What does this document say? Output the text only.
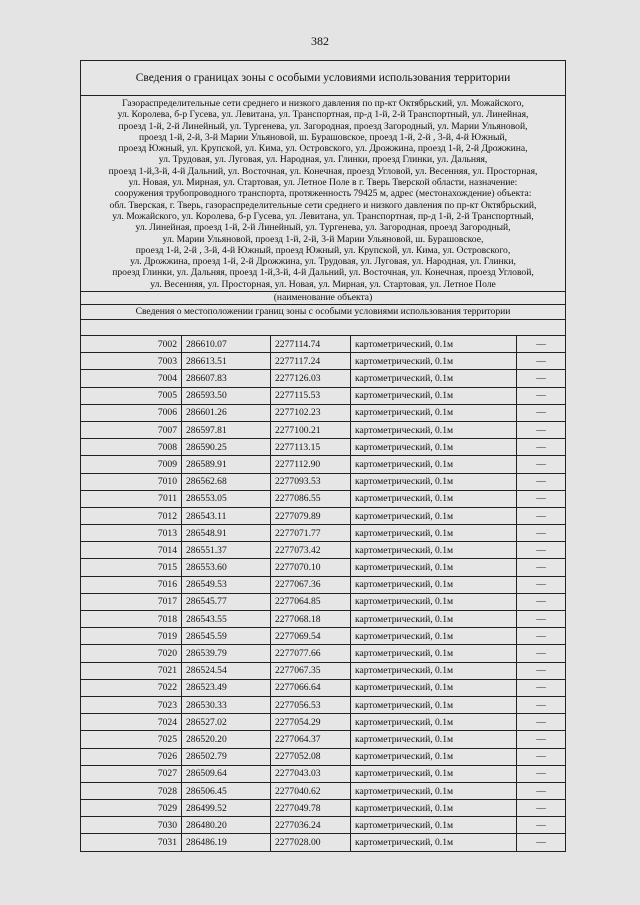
382
Сведения о границах зоны с особыми условиями использования территории
Газораспределительные сети среднего и низкого давления по пр-кт Октябрьский, ул. Можайского,
ул. Королева, б-р Гусева, ул. Левитана, ул. Транспортная, пр-д 1-й, 2-й Транспортный, ул. Линейная,
проезд 1-й, 2-й Линейный, ул. Тургенева, ул. Загородная, проезд Загородный, ул. Марии Ульяновой,
проезд 1-й, 2-й, 3-й Марии Ульяновой, ш. Бурашовское, проезд 1-й, 2-й , 3-й, 4-й Южный,
проезд Южный, ул. Крупской, ул. Кима, ул. Островского, ул. Дрожжина, проезд 1-й, 2-й Дрожжина,
ул. Трудовая, ул. Луговая, ул. Народная, ул. Глинки, проезд Глинки, ул. Дальняя,
проезд 1-й,3-й, 4-й Дальний, ул. Восточная, ул. Конечная, проезд Угловой, ул. Весенняя, ул. Просторная,
ул. Новая, ул. Мирная, ул. Стартовая, ул. Летное Поле в г. Тверь Тверской области, назначение:
сооружения трубопроводного транспорта, протяженность 79425 м, адрес (местонахождение) объекта:
обл. Тверская, г. Тверь, газораспределительные сети среднего и низкого давления по пр-кт Октябрьский,
ул. Можайского, ул. Королева, б-р Гусева, ул. Левитана, ул. Транспортная, пр-д 1-й, 2-й Транспортный,
ул. Линейная, проезд 1-й, 2-й Линейный, ул. Тургенева, ул. Загородная, проезд Загородный,
ул. Марии Ульяновой, проезд 1-й, 2-й, 3-й Марии Ульяновой, ш. Бурашовское,
проезд 1-й, 2-й , 3-й, 4-й Южный, проезд Южный, ул. Крупской, ул. Кима, ул. Островского,
ул. Дрожжина, проезд 1-й, 2-й Дрожжина, ул. Трудовая, ул. Луговая, ул. Народная, ул. Глинки,
проезд Глинки, ул. Дальняя, проезд 1-й,3-й, 4-й Дальний, ул. Восточная, ул. Конечная, проезд Угловой,
ул. Весенняя, ул. Просторная, ул. Новая, ул. Мирная, ул. Стартовая, ул. Летное Поле
(наименование объекта)
Сведения о местоположении границ зоны с особыми условиями использования территории
7002	286610.07	2277114.74	картометрический, 0.1м	—
7003	286613.51	2277117.24	картометрический, 0.1м	—
7004	286607.83	2277126.03	картометрический, 0.1м	—
7005	286593.50	2277115.53	картометрический, 0.1м	—
7006	286601.26	2277102.23	картометрический, 0.1м	—
7007	286597.81	2277100.21	картометрический, 0.1м	—
7008	286590.25	2277113.15	картометрический, 0.1м	—
7009	286589.91	2277112.90	картометрический, 0.1м	—
7010	286562.68	2277093.53	картометрический, 0.1м	—
7011	286553.05	2277086.55	картометрический, 0.1м	—
7012	286543.11	2277079.89	картометрический, 0.1м	—
7013	286548.91	2277071.77	картометрический, 0.1м	—
7014	286551.37	2277073.42	картометрический, 0.1м	—
7015	286553.60	2277070.10	картометрический, 0.1м	—
7016	286549.53	2277067.36	картометрический, 0.1м	—
7017	286545.77	2277064.85	картометрический, 0.1м	—
7018	286543.55	2277068.18	картометрический, 0.1м	—
7019	286545.59	2277069.54	картометрический, 0.1м	—
7020	286539.79	2277077.66	картометрический, 0.1м	—
7021	286524.54	2277067.35	картометрический, 0.1м	—
7022	286523.49	2277066.64	картометрический, 0.1м	—
7023	286530.33	2277056.53	картометрический, 0.1м	—
7024	286527.02	2277054.29	картометрический, 0.1м	—
7025	286520.20	2277064.37	картометрический, 0.1м	—
7026	286502.79	2277052.08	картометрический, 0.1м	—
7027	286509.64	2277043.03	картометрический, 0.1м	—
7028	286506.45	2277040.62	картометрический, 0.1м	—
7029	286499.52	2277049.78	картометрический, 0.1м	—
7030	286480.20	2277036.24	картометрический, 0.1м	—
7031	286486.19	2277028.00	картометрический, 0.1м	—
